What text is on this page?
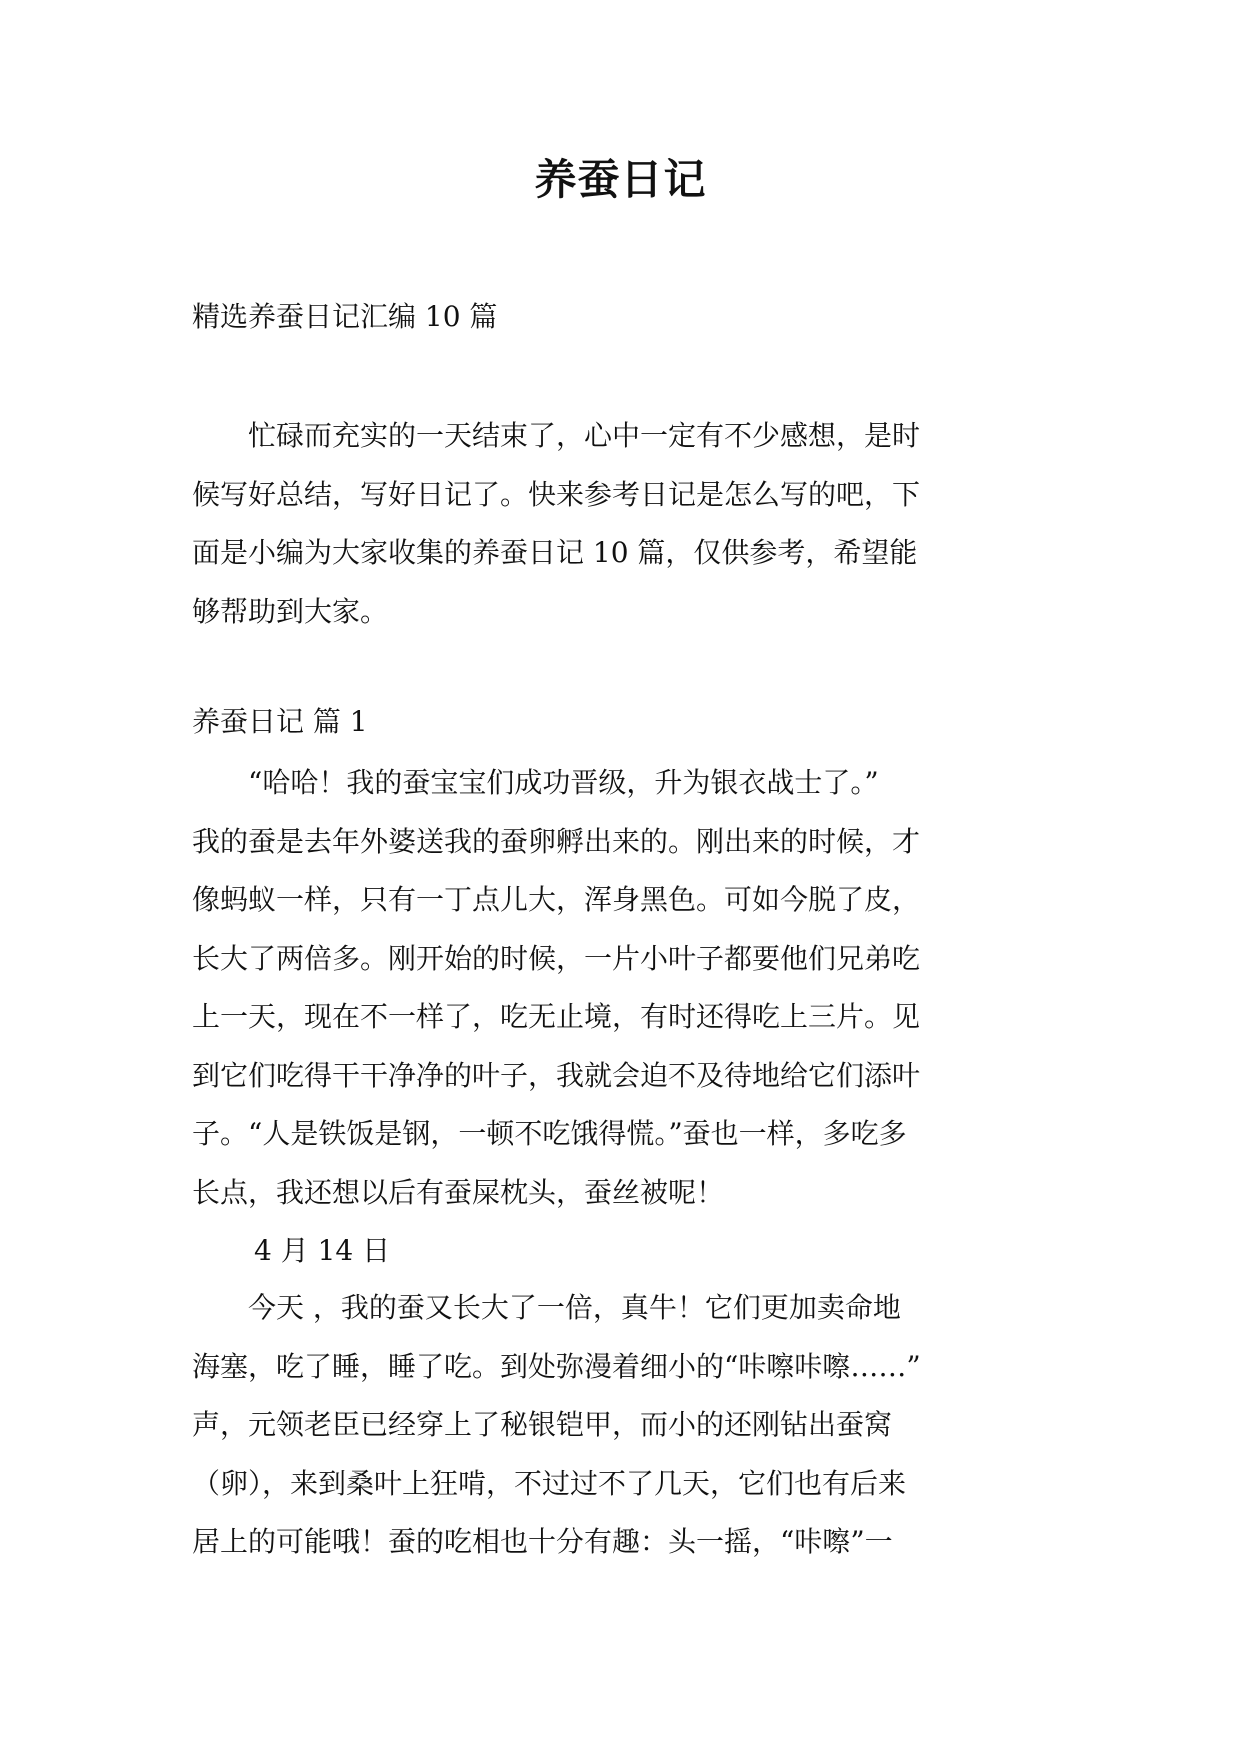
养蚕日记
精选养蚕日记汇编 10 篇
　　忙碌而充实的一天结束了，心中一定有不少感想，是时
候写好总结，写好日记了。快来参考日记是怎么写的吧，下
面是小编为大家收集的养蚕日记 10 篇，仅供参考，希望能
够帮助到大家。
养蚕日记 篇 1
　　“哈哈！我的蚕宝宝们成功晋级，升为银衣战士了。”
我的蚕是去年外婆送我的蚕卵孵出来的。刚出来的时候，才
像蚂蚁一样，只有一丁点儿大，浑身黑色。可如今脱了皮，
长大了两倍多。刚开始的时候，一片小叶子都要他们兄弟吃
上一天，现在不一样了，吃无止境，有时还得吃上三片。见
到它们吃得干干净净的叶子，我就会迫不及待地给它们添叶
子。“人是铁饭是钢，一顿不吃饿得慌。”蚕也一样，多吃多
长点，我还想以后有蚕屎枕头，蚕丝被呢！
4 月 14 日
　　今天 ，我的蚕又长大了一倍，真牛！它们更加卖命地
海塞，吃了睡，睡了吃。到处弥漫着细小的“咔嚓咔嚓……”
声，元领老臣已经穿上了秘银铠甲，而小的还刚钻出蚕窝
（卵），来到桑叶上狂啃，不过过不了几天，它们也有后来
居上的可能哦！蚕的吃相也十分有趣：头一摇，“咔嚓”一
